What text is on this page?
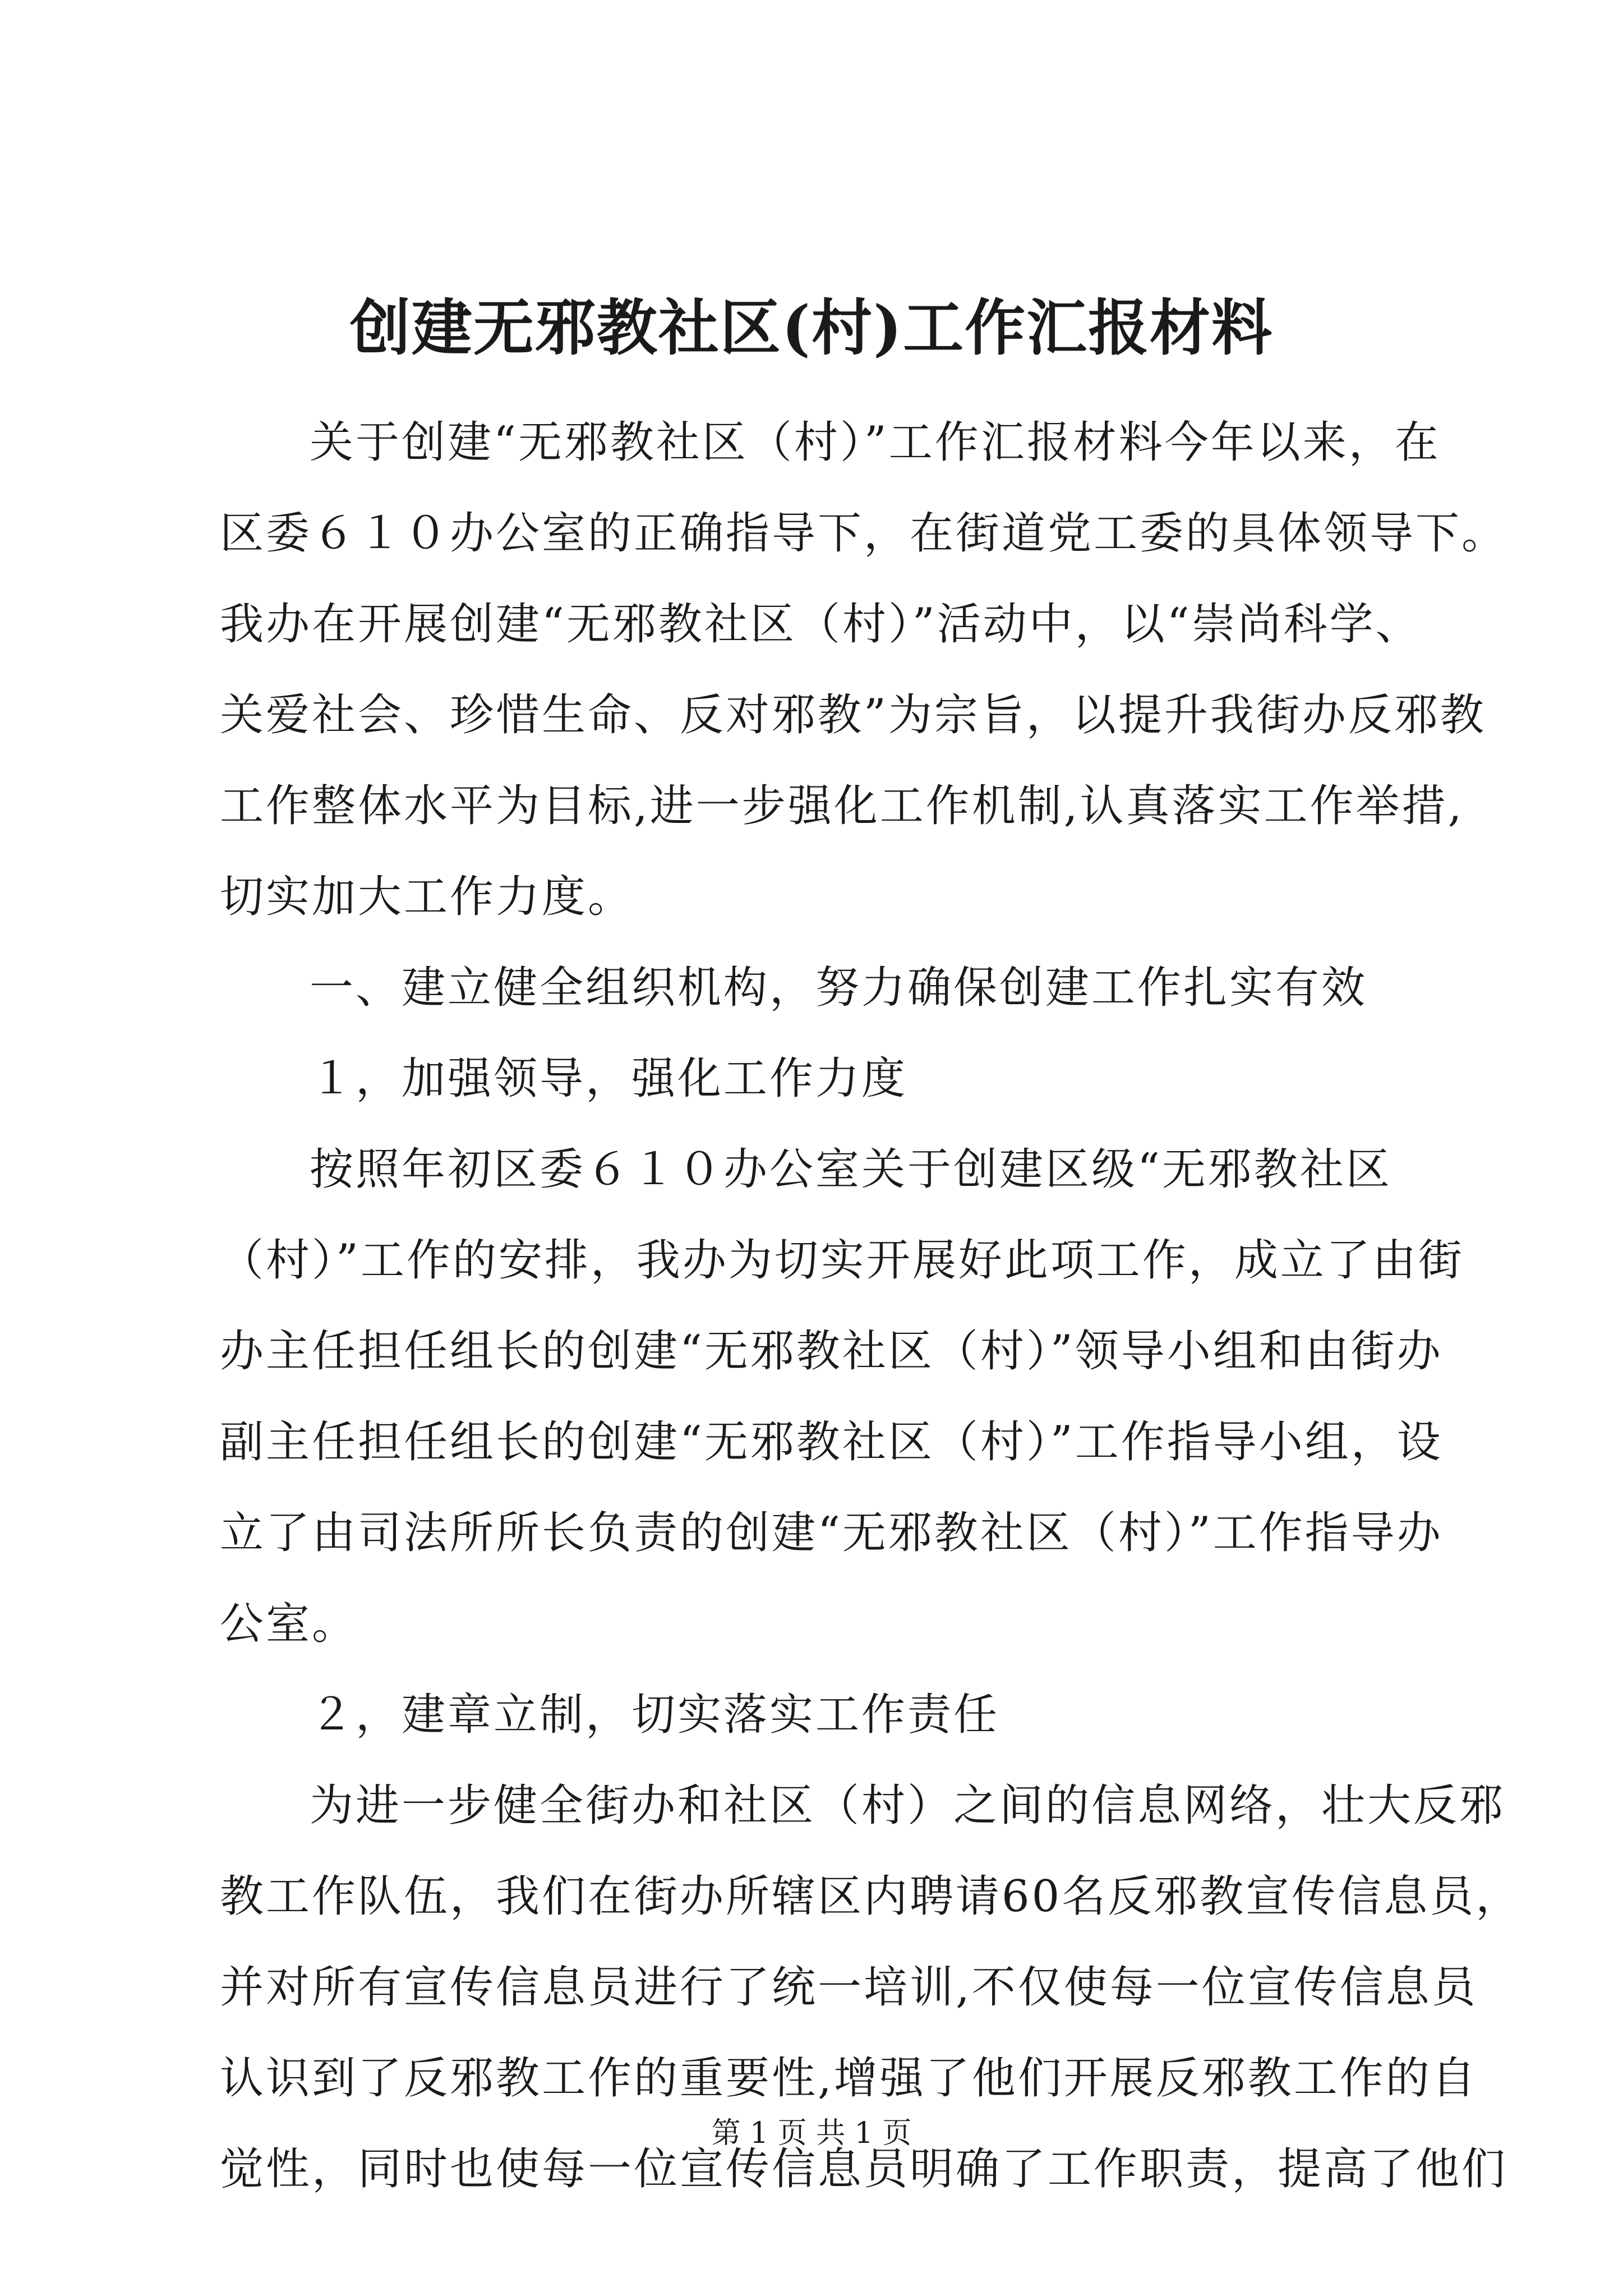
创建无邪教社区(村)工作汇报材料
关于创建“无邪教社区（村）”工作汇报材料今年以来，在
区委６１０办公室的正确指导下，在街道党工委的具体领导下。
我办在开展创建“无邪教社区（村）”活动中，以“崇尚科学、
关爱社会、珍惜生命、反对邪教”为宗旨，以提升我街办反邪教
工作整体水平为目标,进一步强化工作机制,认真落实工作举措,
切实加大工作力度。
一、建立健全组织机构，努力确保创建工作扎实有效
１，加强领导，强化工作力度
按照年初区委６１０办公室关于创建区级“无邪教社区
（村）”工作的安排，我办为切实开展好此项工作，成立了由街
办主任担任组长的创建“无邪教社区（村）”领导小组和由街办
副主任担任组长的创建“无邪教社区（村）”工作指导小组，设
立了由司法所所长负责的创建“无邪教社区（村）”工作指导办
公室。
２，建章立制，切实落实工作责任
为进一步健全街办和社区（村）之间的信息网络，壮大反邪
教工作队伍，我们在街办所辖区内聘请60名反邪教宣传信息员，
并对所有宣传信息员进行了统一培训,不仅使每一位宣传信息员
认识到了反邪教工作的重要性,增强了他们开展反邪教工作的自
觉性，同时也使每一位宣传信息员明确了工作职责，提高了他们
第 1 页 共 1 页
